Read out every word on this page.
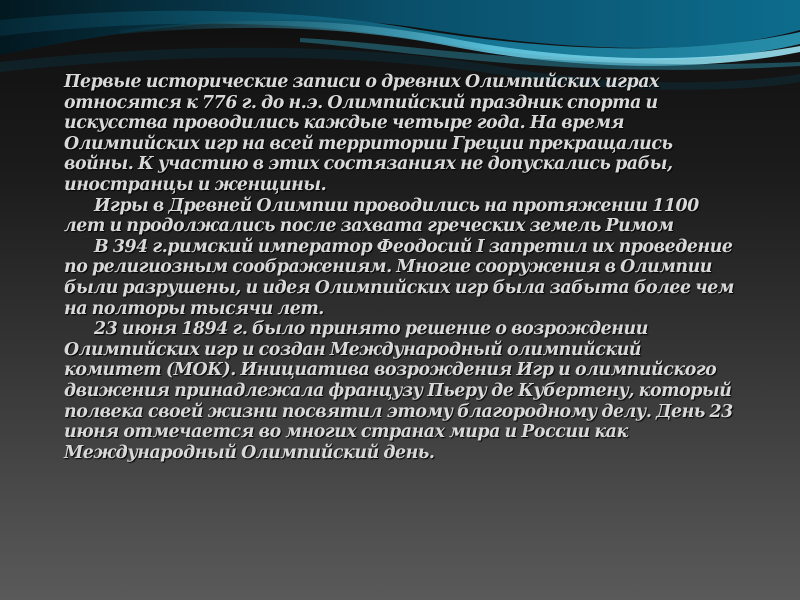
Первые исторические записи о древних Олимпийских играх относятся к 776 г. до н.э. Олимпийский праздник спорта и искусства проводились каждые четыре года. На время Олимпийских игр на всей территории Греции прекращались войны. К участию в этих состязаниях не допускались рабы, иностранцы и женщины.

Игры в Древней Олимпии проводились на протяжении 1100 лет и продолжались после захвата греческих земель Римом

В 394 г.римский император Феодосий I запретил их проведение по религиозным соображениям. Многие сооружения в Олимпии были разрушены, и идея Олимпийских игр была забыта более чем на полторы тысячи лет.

23 июня 1894 г. было принято решение о возрождении Олимпийских игр и создан Международный олимпийский комитет (МОК). Инициатива возрождения Игр и олимпийского движения принадлежала французу Пьеру де Кубертену, который полвека своей жизни посвятил этому благородному делу. День 23 июня отмечается во многих странах мира и России как Международный Олимпийский день.
